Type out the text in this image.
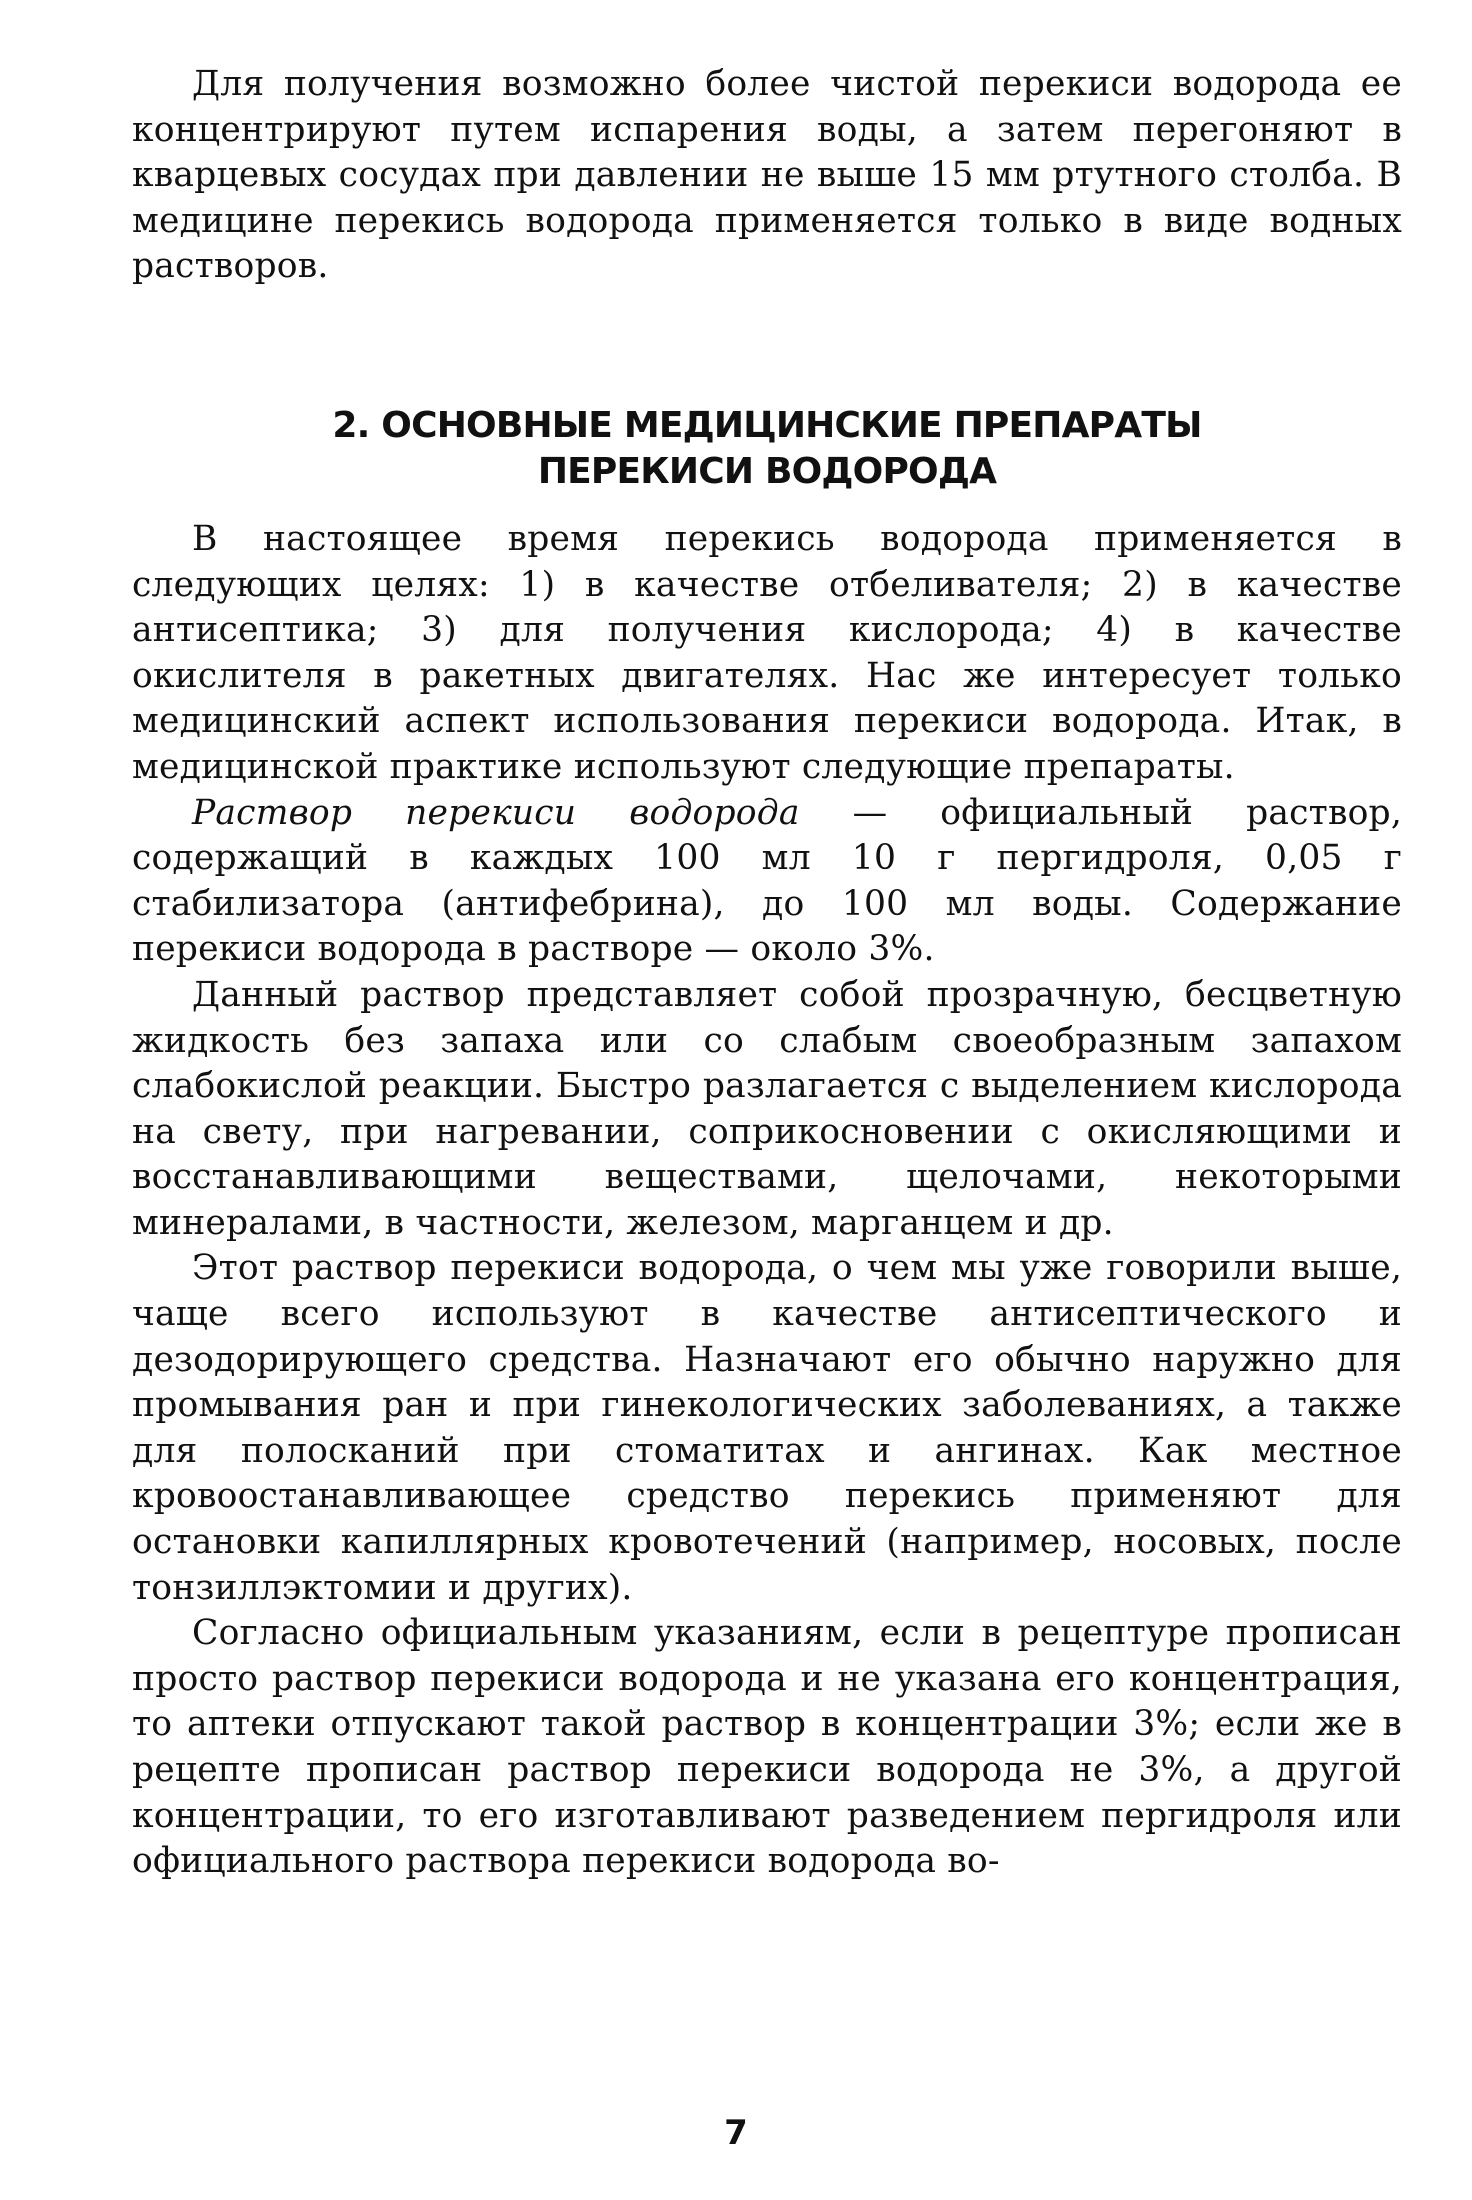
Для получения возможно более чистой перекиси водорода ее концентрируют путем испарения воды, а затем перегоняют в кварцевых сосудах при давлении не выше 15 мм ртутного столба. В медицине перекись водорода применяется только в виде водных растворов.

2. ОСНОВНЫЕ МЕДИЦИНСКИЕ ПРЕПАРАТЫ
ПЕРЕКИСИ ВОДОРОДА

В настоящее время перекись водорода применяется в следующих целях: 1) в качестве отбеливателя; 2) в качестве антисептика; 3) для получения кислорода; 4) в качестве окислителя в ракетных двигателях. Нас же интересует только медицинский аспект использования перекиси водорода. Итак, в медицинской практике используют следующие препараты.

Раствор перекиси водорода — официальный раствор, содержащий в каждых 100 мл 10 г пергидроля, 0,05 г стабилизатора (антифебрина), до 100 мл воды. Содержание перекиси водорода в растворе — около 3%.

Данный раствор представляет собой прозрачную, бесцветную жидкость без запаха или со слабым своеобразным запахом слабокислой реакции. Быстро разлагается с выделением кислорода на свету, при нагревании, соприкосновении с окисляющими и восстанавливающими веществами, щелочами, некоторыми минералами, в частности, железом, марганцем и др.

Этот раствор перекиси водорода, о чем мы уже говорили выше, чаще всего используют в качестве антисептического и дезодорирующего средства. Назначают его обычно наружно для промывания ран и при гинекологических заболеваниях, а также для полосканий при стоматитах и ангинах. Как местное кровоостанавливающее средство перекись применяют для остановки капиллярных кровотечений (например, носовых, после тонзиллэктомии и других).

Согласно официальным указаниям, если в рецептуре прописан просто раствор перекиси водорода и не указана его концентрация, то аптеки отпускают такой раствор в концентрации 3%; если же в рецепте прописан раствор перекиси водорода не 3%, а другой концентрации, то его изготавливают разведением пергидроля или официального раствора перекиси водорода во-

7
